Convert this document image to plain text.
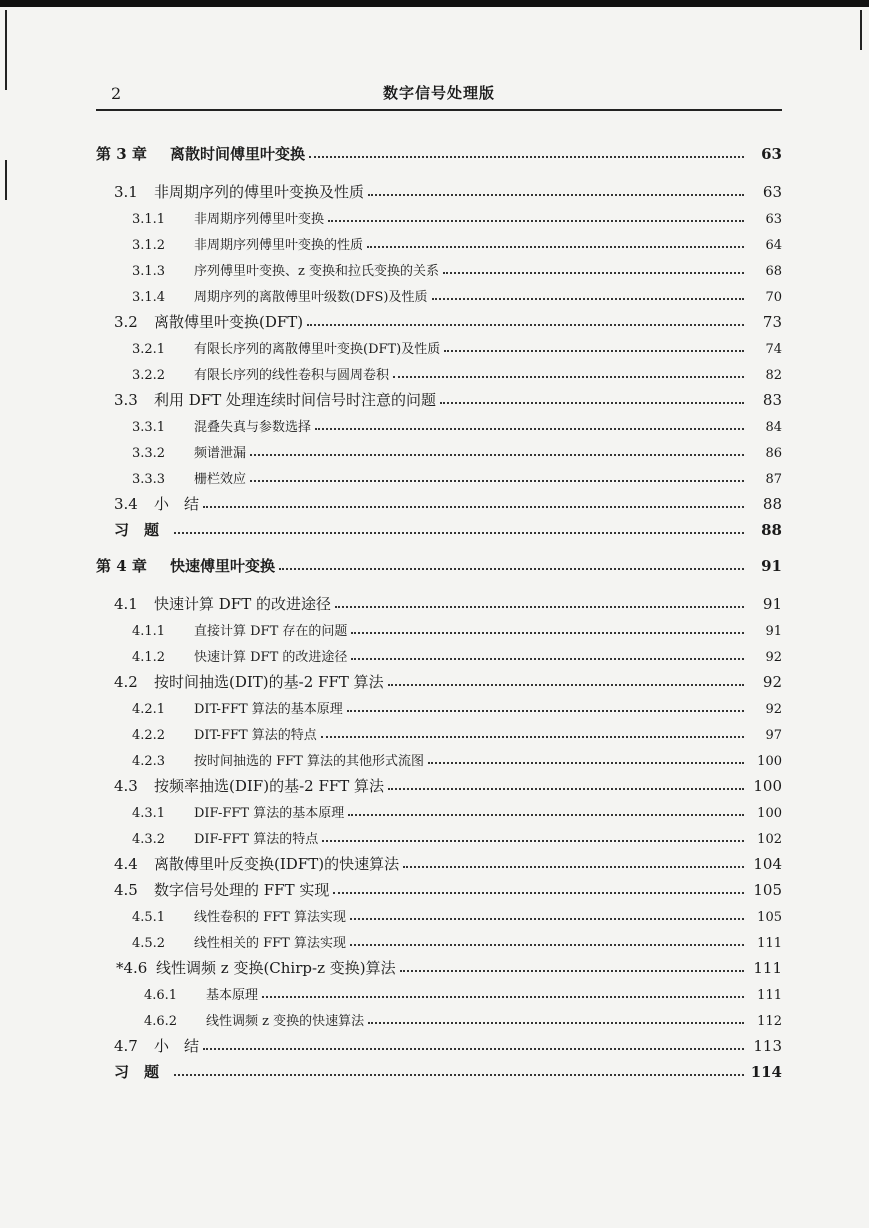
2	数字信号处理版
第 3 章	离散时间傅里叶变换	63
3.1	非周期序列的傅里叶变换及性质	63
3.1.1	非周期序列傅里叶变换	63
3.1.2	非周期序列傅里叶变换的性质	64
3.1.3	序列傅里叶变换、z 变换和拉氏变换的关系	68
3.1.4	周期序列的离散傅里叶级数(DFS)及性质	70
3.2	离散傅里叶变换(DFT)	73
3.2.1	有限长序列的离散傅里叶变换(DFT)及性质	74
3.2.2	有限长序列的线性卷积与圆周卷积	82
3.3	利用 DFT 处理连续时间信号时注意的问题	83
3.3.1	混叠失真与参数选择	84
3.3.2	频谱泄漏	86
3.3.3	栅栏效应	87
3.4	小　结	88
习　题	88
第 4 章	快速傅里叶变换	91
4.1	快速计算 DFT 的改进途径	91
4.1.1	直接计算 DFT 存在的问题	91
4.1.2	快速计算 DFT 的改进途径	92
4.2	按时间抽选(DIT)的基-2 FFT 算法	92
4.2.1	DIT-FFT 算法的基本原理	92
4.2.2	DIT-FFT 算法的特点	97
4.2.3	按时间抽选的 FFT 算法的其他形式流图	100
4.3	按频率抽选(DIF)的基-2 FFT 算法	100
4.3.1	DIF-FFT 算法的基本原理	100
4.3.2	DIF-FFT 算法的特点	102
4.4	离散傅里叶反变换(IDFT)的快速算法	104
4.5	数字信号处理的 FFT 实现	105
4.5.1	线性卷积的 FFT 算法实现	105
4.5.2	线性相关的 FFT 算法实现	111
*4.6 线性调频 z 变换(Chirp-z 变换)算法	111
4.6.1	基本原理	111
4.6.2	线性调频 z 变换的快速算法	112
4.7	小　结	113
习　题	114
